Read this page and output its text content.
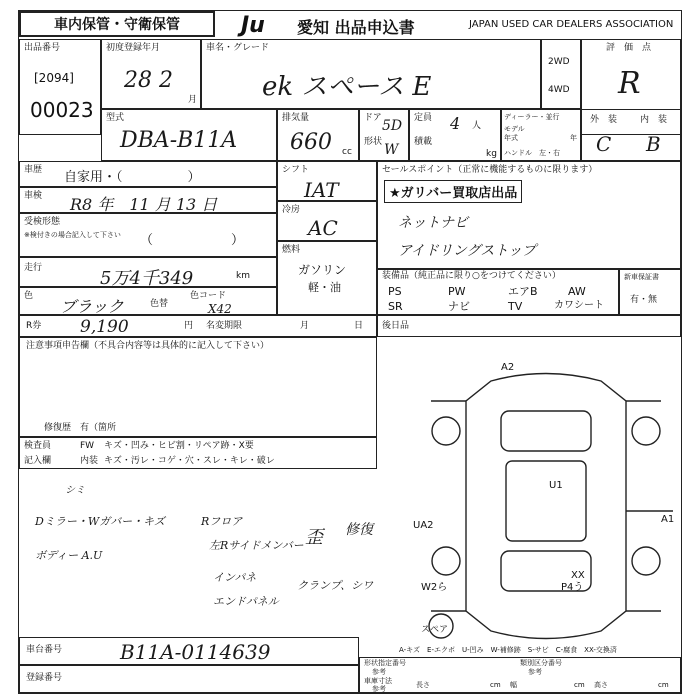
車内保管・守衛保管	Ju 愛知 出品申込書	JAPAN USED CAR DEALERS ASSOCIATION
出品番号
[2094]
00023
初度登録年月
28 2
月
車名・グレード
ek スペース E
2WD
4WD
評　価　点
R
型式
DBA-B11A
排気量
660 cc
ドア 5D
形状 W
定員 4 人
積載
kg
ディーラー・並行
モデル
年式	年
ハンドル　左・右
外　装	内　装
C B
車歴 自家用・（　　　　　）
車検 R8 年　11 月 13 日
受検形態
※検付きの場合記入して下さい （　　　　　　）
走行	5万4千349	km
色
ブラック	色替
色コード
X42
シフト
IAT
冷房
AC
燃料
ガソリン
軽・油
セールスポイント（正常に機能するものに限ります）
★ガリバー買取店出品
ネットナビ
アイドリングストップ
装備品（純正品に限り○をつけてください）
PS	PW	エアB	AW
SR	ナビ	TV	カワシート
新車保証書
有・無
R券 9,190	円 名変期限	月	日 後日品
注意事項申告欄（不具合内容等は具体的に記入して下さい）
修復歴　有（箇所
検査員
記入欄
FW キズ・凹み・ヒビ割・リペア跡・X要
内装 キズ・汚レ・コゲ・穴・スレ・キレ・破レ
シミ
Dミラー・Wガバー・キズ
ボディー A.U
Rフロア
左Rサイドメンバー
インパネ
エンドパネル
歪 修復
クランプ、シワ
A2
U1
A1
UA2
XX
P4う
W2ら
スペア
A-キズ　E-エクボ　U-凹み　W-補修跡　S-サビ　C-腐食　XX-交換済
車台番号	B11A-0114639
登録番号
形状指定番号
参考
類別区分番号
参考
車庫寸法
参考	長さ	cm 幅	cm 高さ	cm
